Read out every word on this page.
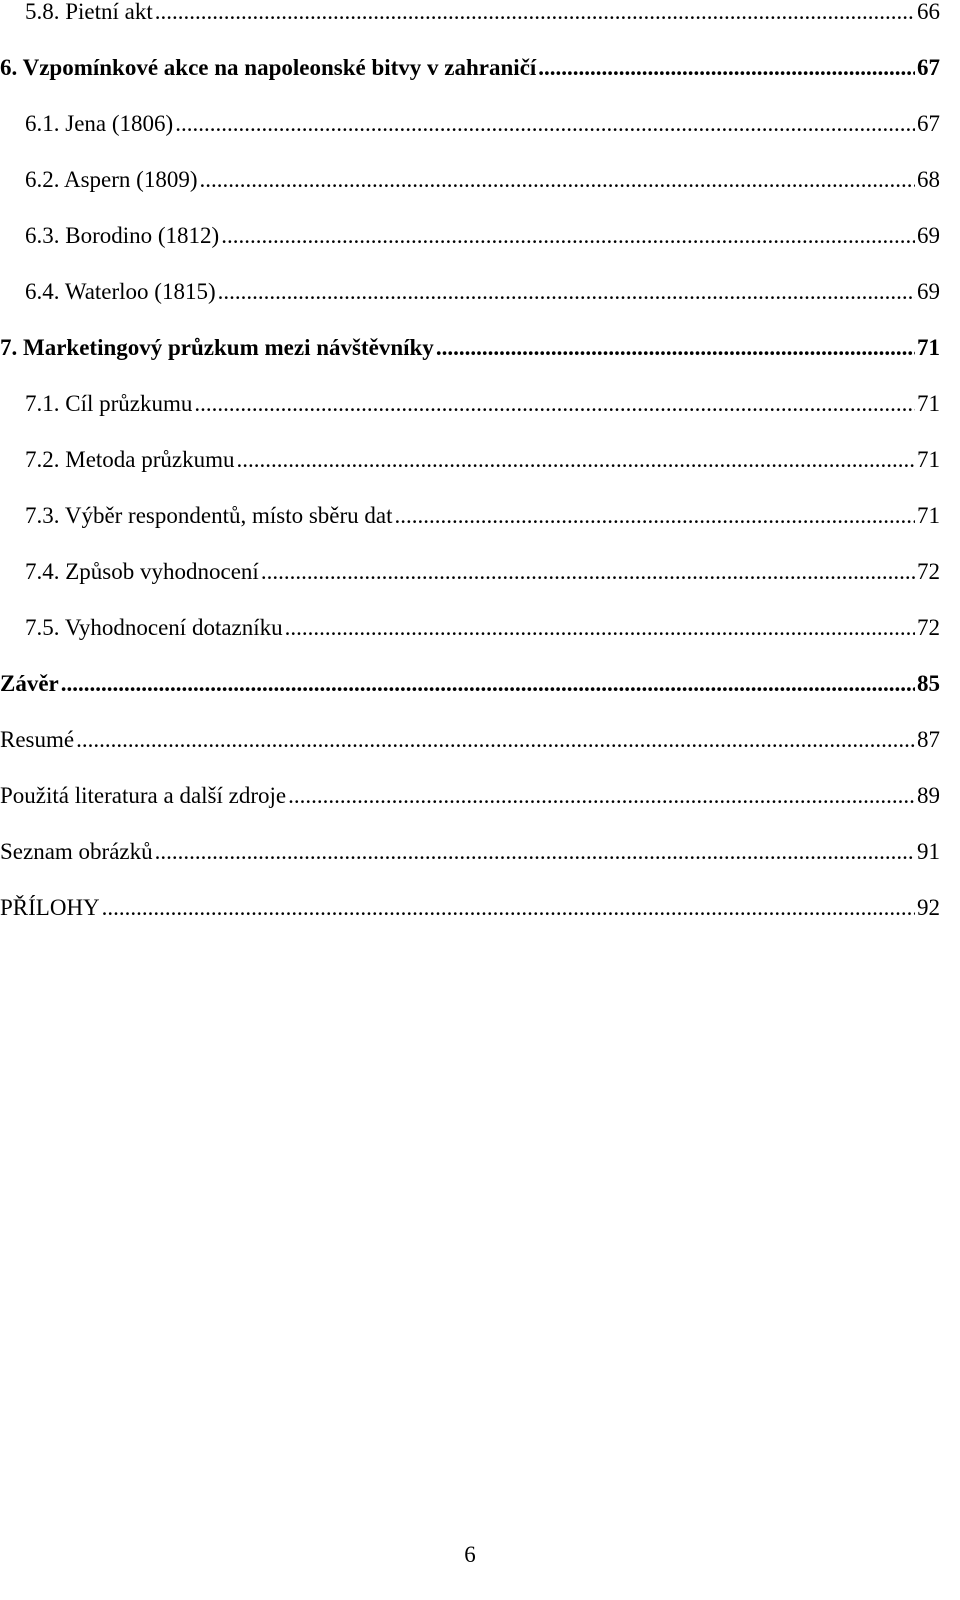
5.8. Pietní akt .....	66
6. Vzpomínkové akce na napoleonské bitvy v zahraničí .....	67
6.1. Jena (1806) .....	67
6.2. Aspern (1809) .....	68
6.3. Borodino (1812) .....	69
6.4. Waterloo (1815) .....	69
7. Marketingový průzkum mezi návštěvníky .....	71
7.1. Cíl průzkumu .....	71
7.2. Metoda průzkumu .....	71
7.3. Výběr respondentů, místo sběru dat .....	71
7.4. Způsob vyhodnocení .....	72
7.5. Vyhodnocení dotazníku .....	72
Závěr .....	85
Resumé .....	87
Použitá literatura a další zdroje .....	89
Seznam obrázků .....	91
PŘÍLOHY .....	92
6
